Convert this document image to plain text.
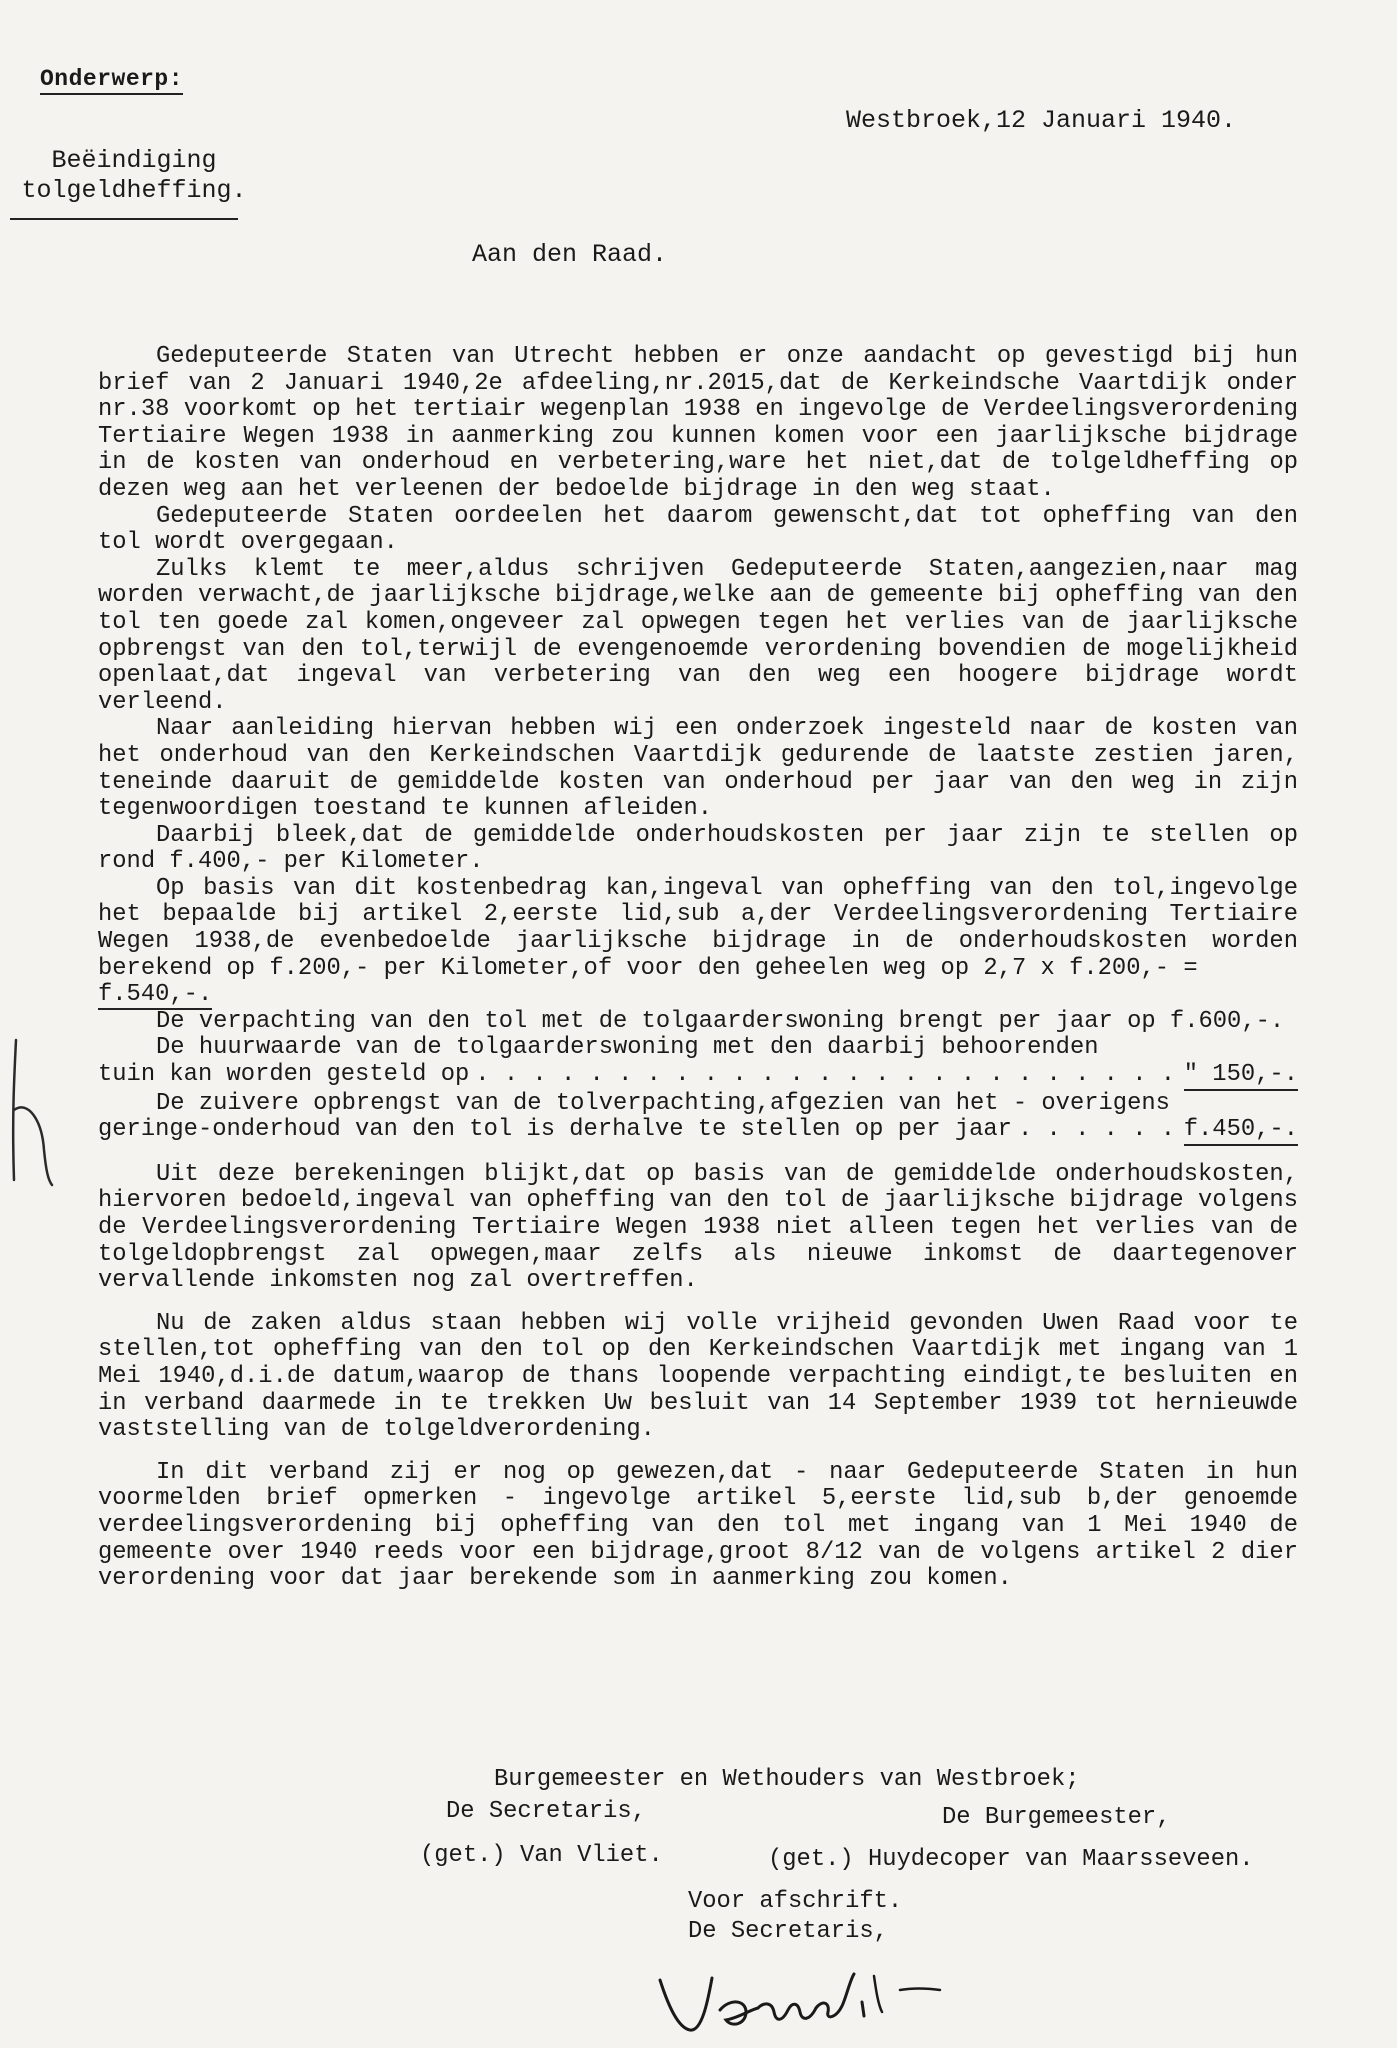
Onderwerp:
Beëindiging
tolgeldheffing.
Westbroek,12 Januari 1940.
Aan den Raad.

Gedeputeerde Staten van Utrecht hebben er onze aandacht op gevestigd bij hun brief van 2 Januari 1940,2e afdeeling,nr.2015,dat de Kerkeindsche Vaartdijk onder nr.38 voorkomt op het tertiair wegenplan 1938 en ingevolge de Verdeelingsverordening Tertiaire Wegen 1938 in aanmerking zou kunnen komen voor een jaarlijksche bijdrage in de kosten van onderhoud en verbetering,ware het niet,dat de tolgeldheffing op dezen weg aan het verleenen der bedoelde bijdrage in den weg staat.

Gedeputeerde Staten oordeelen het daarom gewenscht,dat tot opheffing van den tol wordt overgegaan.

Zulks klemt te meer,aldus schrijven Gedeputeerde Staten,aangezien,naar mag worden verwacht,de jaarlijksche bijdrage,welke aan de gemeente bij opheffing van den tol ten goede zal komen,ongeveer zal opwegen tegen het verlies van de jaarlijksche opbrengst van den tol,terwijl de evengenoemde verordening bovendien de mogelijkheid openlaat,dat ingeval van verbetering van den weg een hoogere bijdrage wordt verleend.

Naar aanleiding hiervan hebben wij een onderzoek ingesteld naar de kosten van het onderhoud van den Kerkeindschen Vaartdijk gedurende de laatste zestien jaren, teneinde daaruit de gemiddelde kosten van onderhoud per jaar van den weg in zijn tegenwoordigen toestand te kunnen afleiden.

Daarbij bleek,dat de gemiddelde onderhoudskosten per jaar zijn te stellen op rond f.400,- per Kilometer.

Op basis van dit kostenbedrag kan,ingeval van opheffing van den tol,ingevolge het bepaalde bij artikel 2,eerste lid,sub a,der Verdeelingsverordening Tertiaire Wegen 1938,de evenbedoelde jaarlijksche bijdrage in de onderhoudskosten worden berekend op f.200,- per Kilometer,of voor den geheelen weg op 2,7 x f.200,- =
f.540,-.

De verpachting van den tol met de tolgaarderswoning brengt per jaar op f.600,-.

De huurwaarde van de tolgaarderswoning met den daarbij behoorenden

tuin kan worden gesteld op . . .	" 150,-.

De zuivere opbrengst van de tolverpachting,afgezien van het - overigens

geringe-onderhoud van den tol is derhalve te stellen op per jaar . . .	f.450,-.

Uit deze berekeningen blijkt,dat op basis van de gemiddelde onderhoudskosten, hiervoren bedoeld,ingeval van opheffing van den tol de jaarlijksche bijdrage volgens de Verdeelingsverordening Tertiaire Wegen 1938 niet alleen tegen het verlies van de tolgeldopbrengst zal opwegen,maar zelfs als nieuwe inkomst de daartegenover vervallende inkomsten nog zal overtreffen.

Nu de zaken aldus staan hebben wij volle vrijheid gevonden Uwen Raad voor te stellen,tot opheffing van den tol op den Kerkeindschen Vaartdijk met ingang van 1 Mei 1940,d.i.de datum,waarop de thans loopende verpachting eindigt,te besluiten en in verband daarmede in te trekken Uw besluit van 14 September 1939 tot hernieuwde vaststelling van de tolgeldverordening.

In dit verband zij er nog op gewezen,dat - naar Gedeputeerde Staten in hun voormelden brief opmerken - ingevolge artikel 5,eerste lid,sub b,der genoemde verdeelingsverordening bij opheffing van den tol met ingang van 1 Mei 1940 de gemeente over 1940 reeds voor een bijdrage,groot 8/12 van de volgens artikel 2 dier verordening voor dat jaar berekende som in aanmerking zou komen.

Burgemeester en Wethouders van Westbroek;
De Secretaris,	De Burgemeester,
(get.) Van Vliet.	(get.) Huydecoper van Maarsseveen.
Voor afschrift.
De Secretaris,
